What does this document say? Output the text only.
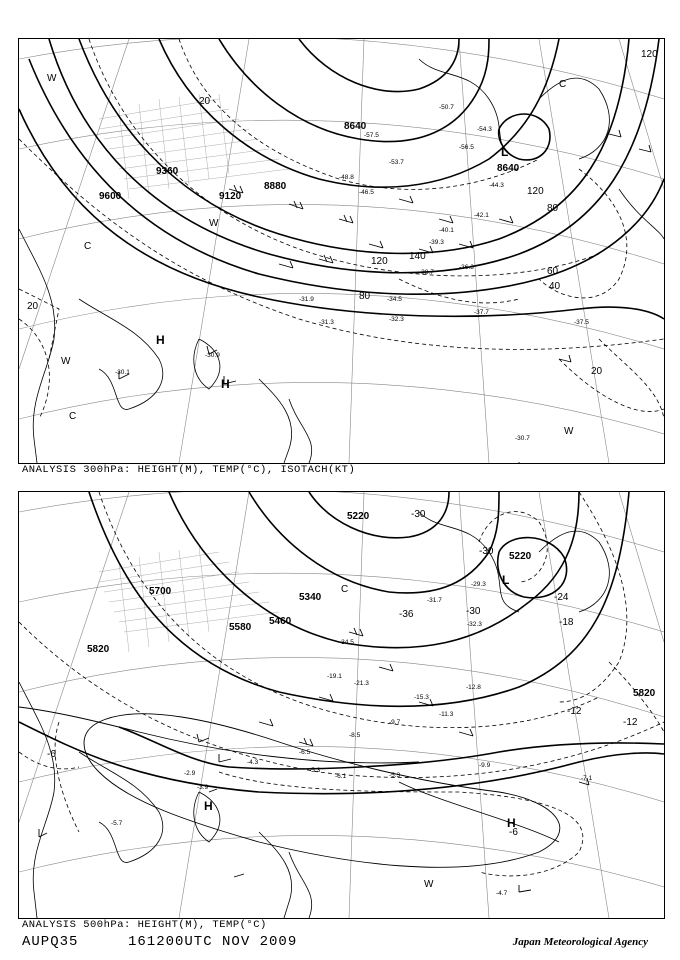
9600
9360
9120
8880
8640
8640
120 140
120
80
60
40
20
20
20
120
80
-30.1
-30.9
-31.3
-31.9
-32.3
-34.5
-37.7
-37.5
-30.7
-36.3
-38.7
-39.3
-40.1
-42.1
-44.3
-46.5
-48.8
-50.7
-53.7
-54.3
-56.5
-57.5
L
H
H
W
W
W
W
C
C
C
ANALYSIS 300hPa: HEIGHT(M), TEMP(°C), ISOTACH(KT)
5700
5820
5580
5460
5340
5220
5220
5820
-30
-36	-30
-24
-18
-12
-12
-6
-6
-30
-31.7
-29.3
-32.3
-34.5
-21.3
-19.1
-15.3
-12.8
-11.3
-9.7
-8.5
-6.5
-5.3
-9.9
-7.1
-4.7
-5.7
-3.9
-2.9
-4.3
-5.3
-6.1
L
H
H
C
W
ANALYSIS 500hPa: HEIGHT(M), TEMP(°C)
AUPQ35	161200UTC NOV 2009	Japan Meteorological Agency
